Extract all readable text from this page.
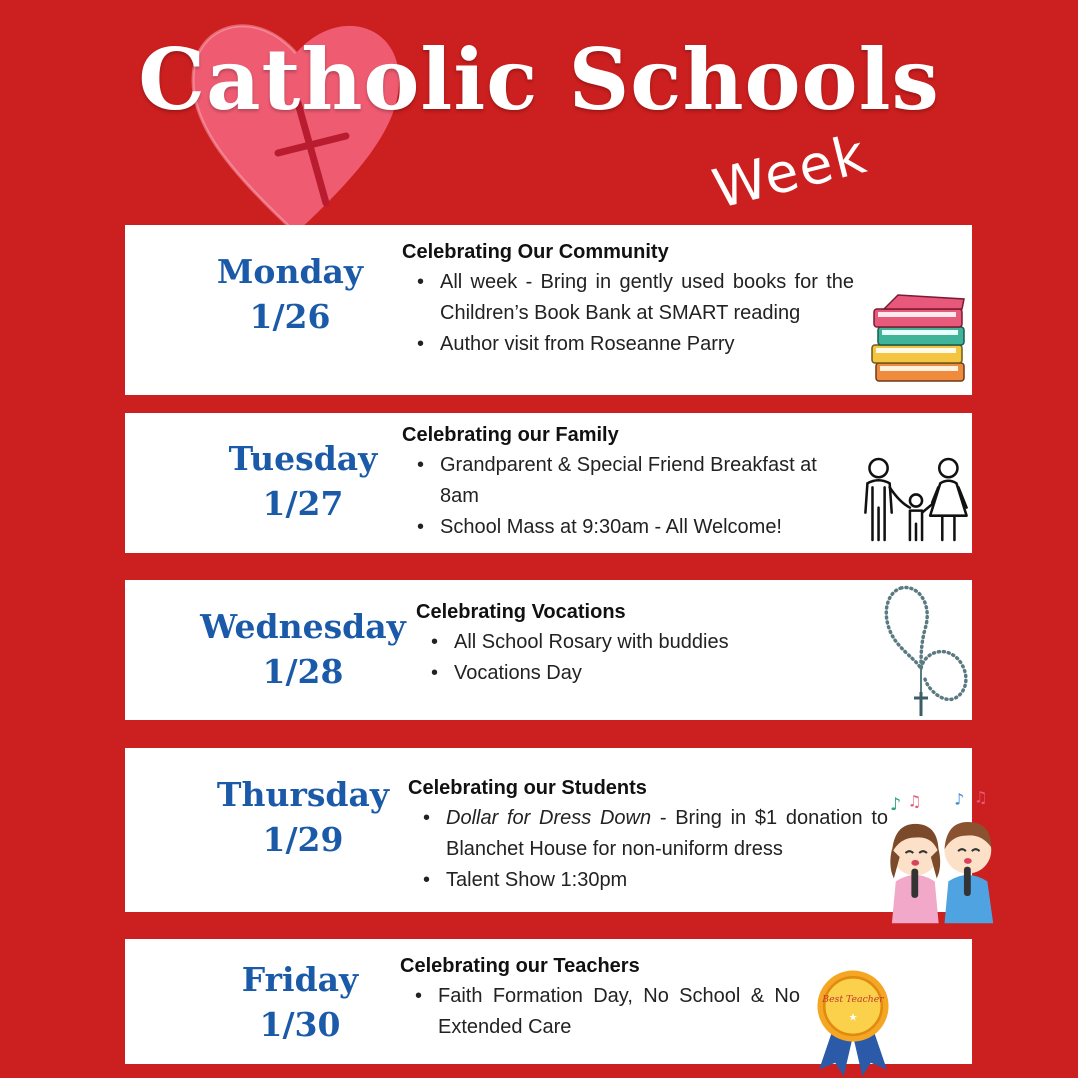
Catholic Schools
Week
Monday
1/26
Celebrating Our Community
• All week - Bring in gently used books for the Children’s Book Bank at SMART reading
• Author visit from Roseanne Parry
Tuesday
1/27
Celebrating our Family
• Grandparent & Special Friend Breakfast at 8am
• School Mass at 9:30am - All Welcome!
Wednesday
1/28
Celebrating Vocations
• All School Rosary with buddies
• Vocations Day
Thursday
1/29
Celebrating our Students
• Dollar for Dress Down - Bring in $1 donation to Blanchet House for non-uniform dress
• Talent Show 1:30pm
♪ ♫ ♪ ♫
Friday
1/30
Celebrating our Teachers
• Faith Formation Day, No School & No Extended Care
Best Teacher
★
